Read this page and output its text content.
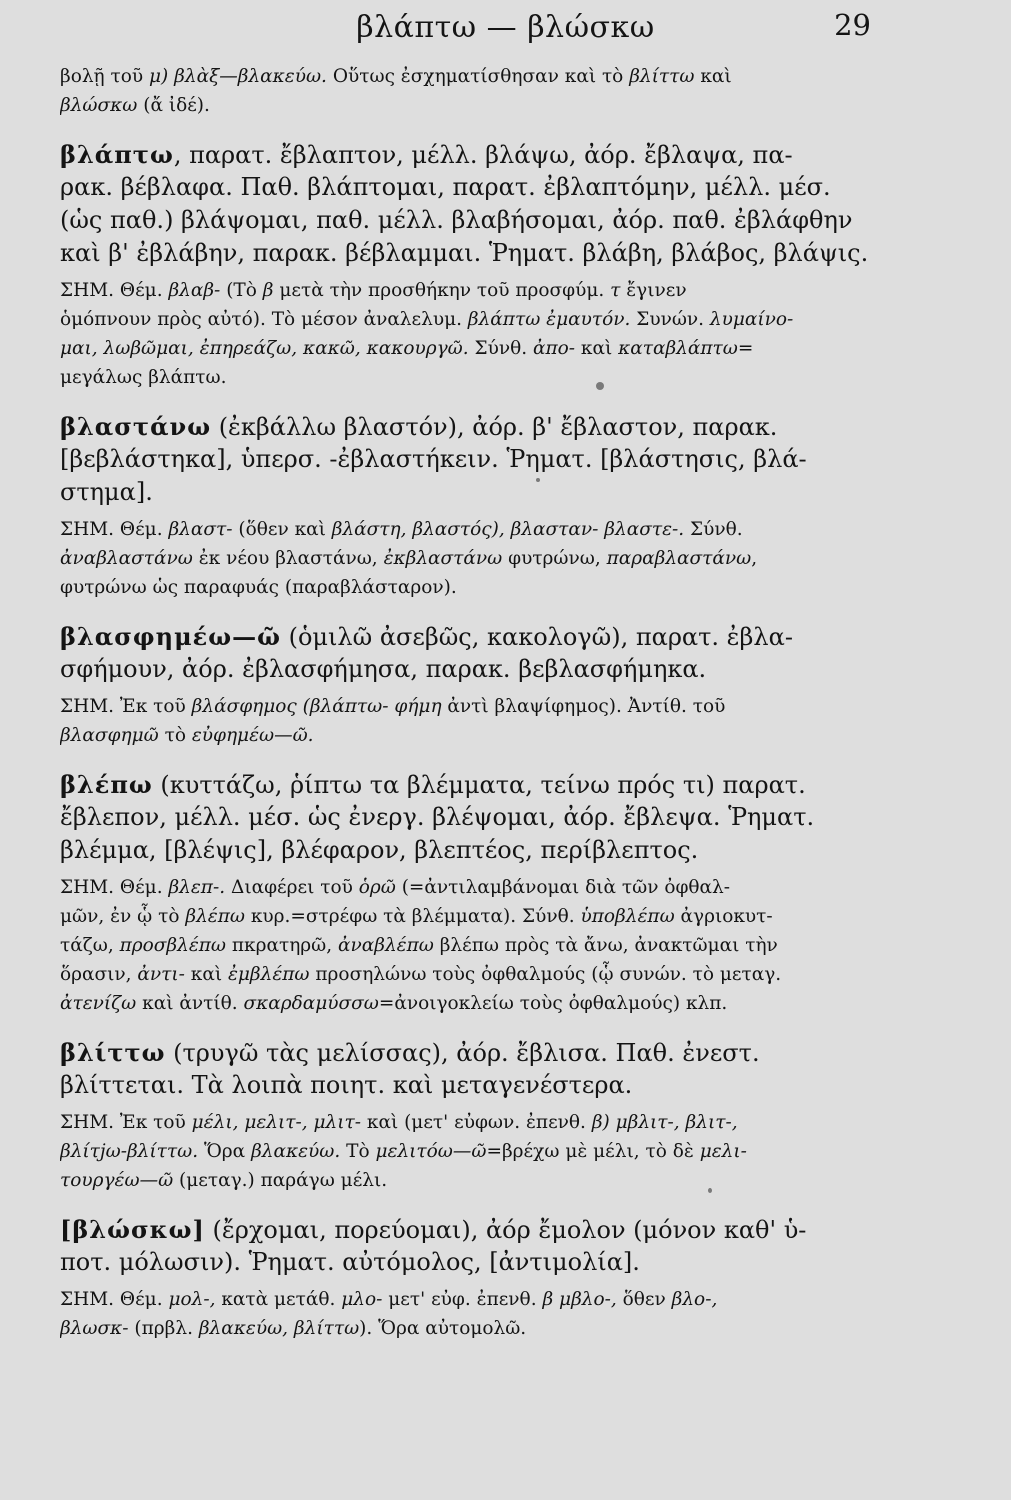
βλάπτω — βλώσκω	29
βολῇ τοῦ μ) βλὰξ—βλακεύω. Οὕτως ἐσχηματίσθησαν καὶ τὸ βλίττω καὶ
βλώσκω (ἄ ἰδέ).
βλάπτω, παρατ. ἔβλαπτον, μέλλ. βλάψω, ἀόρ. ἔβλαψα, πα-
ρακ. βέβλαφα. Παθ. βλάπτομαι, παρατ. ἐβλαπτόμην, μέλλ. μέσ.
(ὡς παθ.) βλάψομαι, παθ. μέλλ. βλαβήσομαι, ἀόρ. παθ. ἐβλάφθην
καὶ β' ἐβλάβην, παρακ. βέβλαμμαι. Ῥηματ. βλάβη, βλάβος, βλάψις.
ΣΗΜ. Θέμ. βλαβ- (Τὸ β μετὰ τὴν προσθήκην τοῦ προσφύμ. τ ἔγινεν
ὁμόπνουν πρὸς αὐτό). Τὸ μέσον ἀναλελυμ. βλάπτω ἐμαυτόν. Συνών. λυμαίνο-
μαι, λωβῶμαι, ἐπηρεάζω, κακῶ, κακουργῶ. Σύνθ. ἀπο- καὶ καταβλάπτω=
μεγάλως βλάπτω.
βλαστάνω (ἐκβάλλω βλαστόν), ἀόρ. β' ἔβλαστον, παρακ.
[βεβλάστηκα], ὑπερσ. -ἐβλαστήκειν. Ῥηματ. [βλάστησις, βλά-
στημα].
ΣΗΜ. Θέμ. βλαστ- (ὅθεν καὶ βλάστη, βλαστός), βλασταν- βλαστε-. Σύνθ.
ἀναβλαστάνω ἐκ νέου βλαστάνω, ἐκβλαστάνω φυτρώνω, παραβλαστάνω,
φυτρώνω ὡς παραφυάς (παραβλάσταρον).
βλασφημέω—ῶ (ὁμιλῶ ἀσεβῶς, κακολογῶ), παρατ. ἐβλα-
σφήμουν, ἀόρ. ἐβλασφήμησα, παρακ. βεβλασφήμηκα.
ΣΗΜ. Ἐκ τοῦ βλάσφημος (βλάπτω- φήμη ἀντὶ βλαψίφημος). Ἀντίθ. τοῦ
βλασφημῶ τὸ εὐφημέω—ῶ.
βλέπω (κυττάζω, ῥίπτω τα βλέμματα, τείνω πρός τι) παρατ.
ἔβλεπον, μέλλ. μέσ. ὡς ἐνεργ. βλέψομαι, ἀόρ. ἔβλεψα. Ῥηματ.
βλέμμα, [βλέψις], βλέφαρον, βλεπτέος, περίβλεπτος.
ΣΗΜ. Θέμ. βλεπ-. Διαφέρει τοῦ ὁρῶ (=ἀντιλαμβάνομαι διὰ τῶν ὀφθαλ-
μῶν, ἐν ᾧ τὸ βλέπω κυρ.=στρέφω τὰ βλέμματα). Σύνθ. ὑποβλέπω ἀγριοκυτ-
τάζω, προσβλέπω πκρατηρῶ, ἀναβλέπω βλέπω πρὸς τὰ ἄνω, ἀνακτῶμαι τὴν
ὅρασιν, ἀντι- καὶ ἐμβλέπω προσηλώνω τοὺς ὀφθαλμούς (ᾧ συνών. τὸ μεταγ.
ἀτενίζω καὶ ἀντίθ. σκαρδαμύσσω=ἀνοιγοκλείω τοὺς ὀφθαλμούς) κλπ.
βλίττω (τρυγῶ τὰς μελίσσας), ἀόρ. ἔβλισα. Παθ. ἐνεστ.
βλίττεται. Τὰ λοιπὰ ποιητ. καὶ μεταγενέστερα.
ΣΗΜ. Ἐκ τοῦ μέλι, μελιτ-, μλιτ- καὶ (μετ' εὐφων. ἐπενθ. β) μβλιτ-, βλιτ-,
βλίτjω-βλίττω. Ὅρα βλακεύω. Τὸ μελιτόω—ῶ=βρέχω μὲ μέλι, τὸ δὲ μελι-
τουργέω—ῶ (μεταγ.) παράγω μέλι.
[βλώσκω] (ἔρχομαι, πορεύομαι), ἀόρ ἔμολον (μόνον καθ' ὑ-
ποτ. μόλωσιν). Ῥηματ. αὐτόμολος, [ἀντιμολία].
ΣΗΜ. Θέμ. μολ-, κατὰ μετάθ. μλο- μετ' εὐφ. ἐπενθ. β μβλο-, ὅθεν βλο-,
βλωσκ- (πρβλ. βλακεύω, βλίττω). Ὅρα αὐτομολῶ.
